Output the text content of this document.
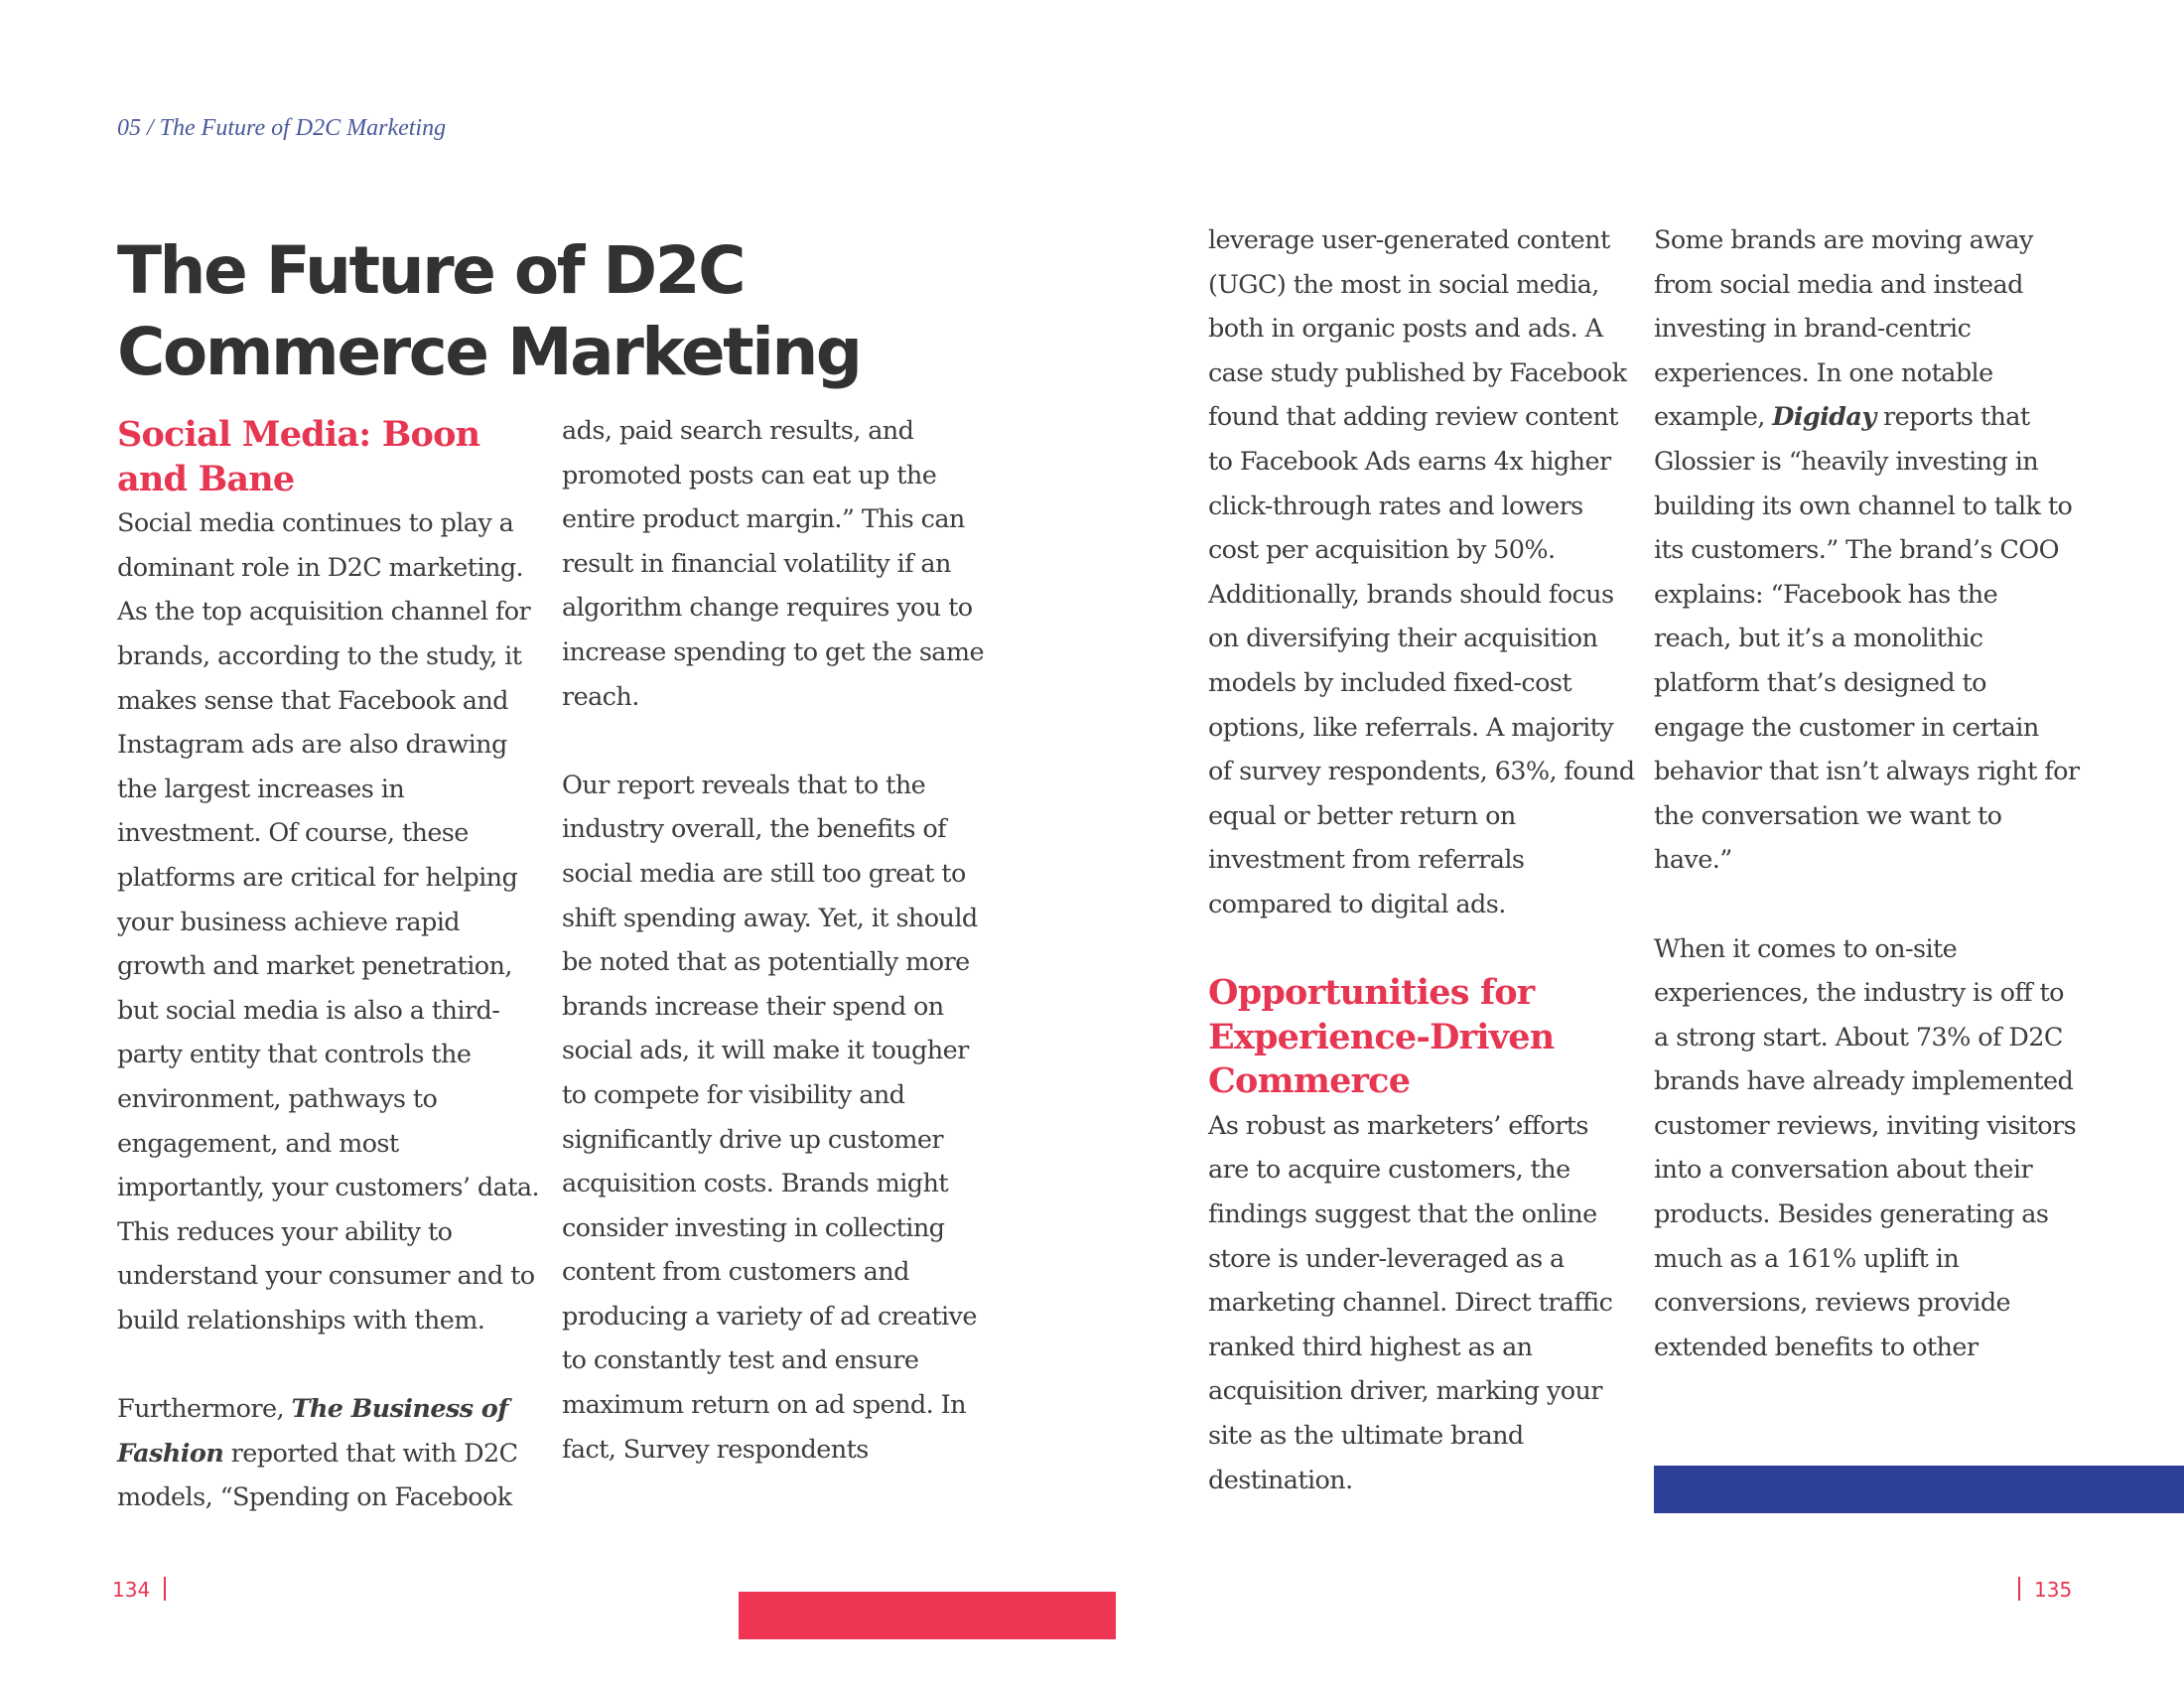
05 / The Future of D2C Marketing
The Future of D2C Commerce Marketing
Social Media: Boon and Bane

Social media continues to play a dominant role in D2C marketing. As the top acquisition channel for brands, according to the study, it makes sense that Facebook and Instagram ads are also drawing the largest increases in investment. Of course, these platforms are critical for helping your business achieve rapid growth and market penetration, but social media is also a third-party entity that controls the environment, pathways to engagement, and most importantly, your customers’ data. This reduces your ability to understand your consumer and to build relationships with them.

Furthermore, The Business of Fashion reported that with D2C models, “Spending on Facebook

ads, paid search results, and promoted posts can eat up the entire product margin.” This can result in financial volatility if an algorithm change requires you to increase spending to get the same reach.

Our report reveals that to the industry overall, the benefits of social media are still too great to shift spending away. Yet, it should be noted that as potentially more brands increase their spend on social ads, it will make it tougher to compete for visibility and significantly drive up customer acquisition costs. Brands might consider investing in collecting content from customers and producing a variety of ad creative to constantly test and ensure maximum return on ad spend. In fact, Survey respondents

leverage user-generated content (UGC) the most in social media, both in organic posts and ads. A case study published by Facebook found that adding review content to Facebook Ads earns 4x higher click-through rates and lowers cost per acquisition by 50%. Additionally, brands should focus on diversifying their acquisition models by included fixed-cost options, like referrals. A majority of survey respondents, 63%, found equal or better return on investment from referrals compared to digital ads.

Opportunities for Experience-Driven Commerce

As robust as marketers’ efforts are to acquire customers, the findings suggest that the online store is under-leveraged as a marketing channel. Direct traffic ranked third highest as an acquisition driver, marking your site as the ultimate brand destination.

Some brands are moving away from social media and instead investing in brand-centric experiences. In one notable example, Digiday reports that Glossier is “heavily investing in building its own channel to talk to its customers.” The brand’s COO explains: “Facebook has the reach, but it’s a monolithic platform that’s designed to engage the customer in certain behavior that isn’t always right for the conversation we want to have.”

When it comes to on-site experiences, the industry is off to a strong start. About 73% of D2C brands have already implemented customer reviews, inviting visitors into a conversation about their products. Besides generating as much as a 161% uplift in conversions, reviews provide extended benefits to other

134	135
